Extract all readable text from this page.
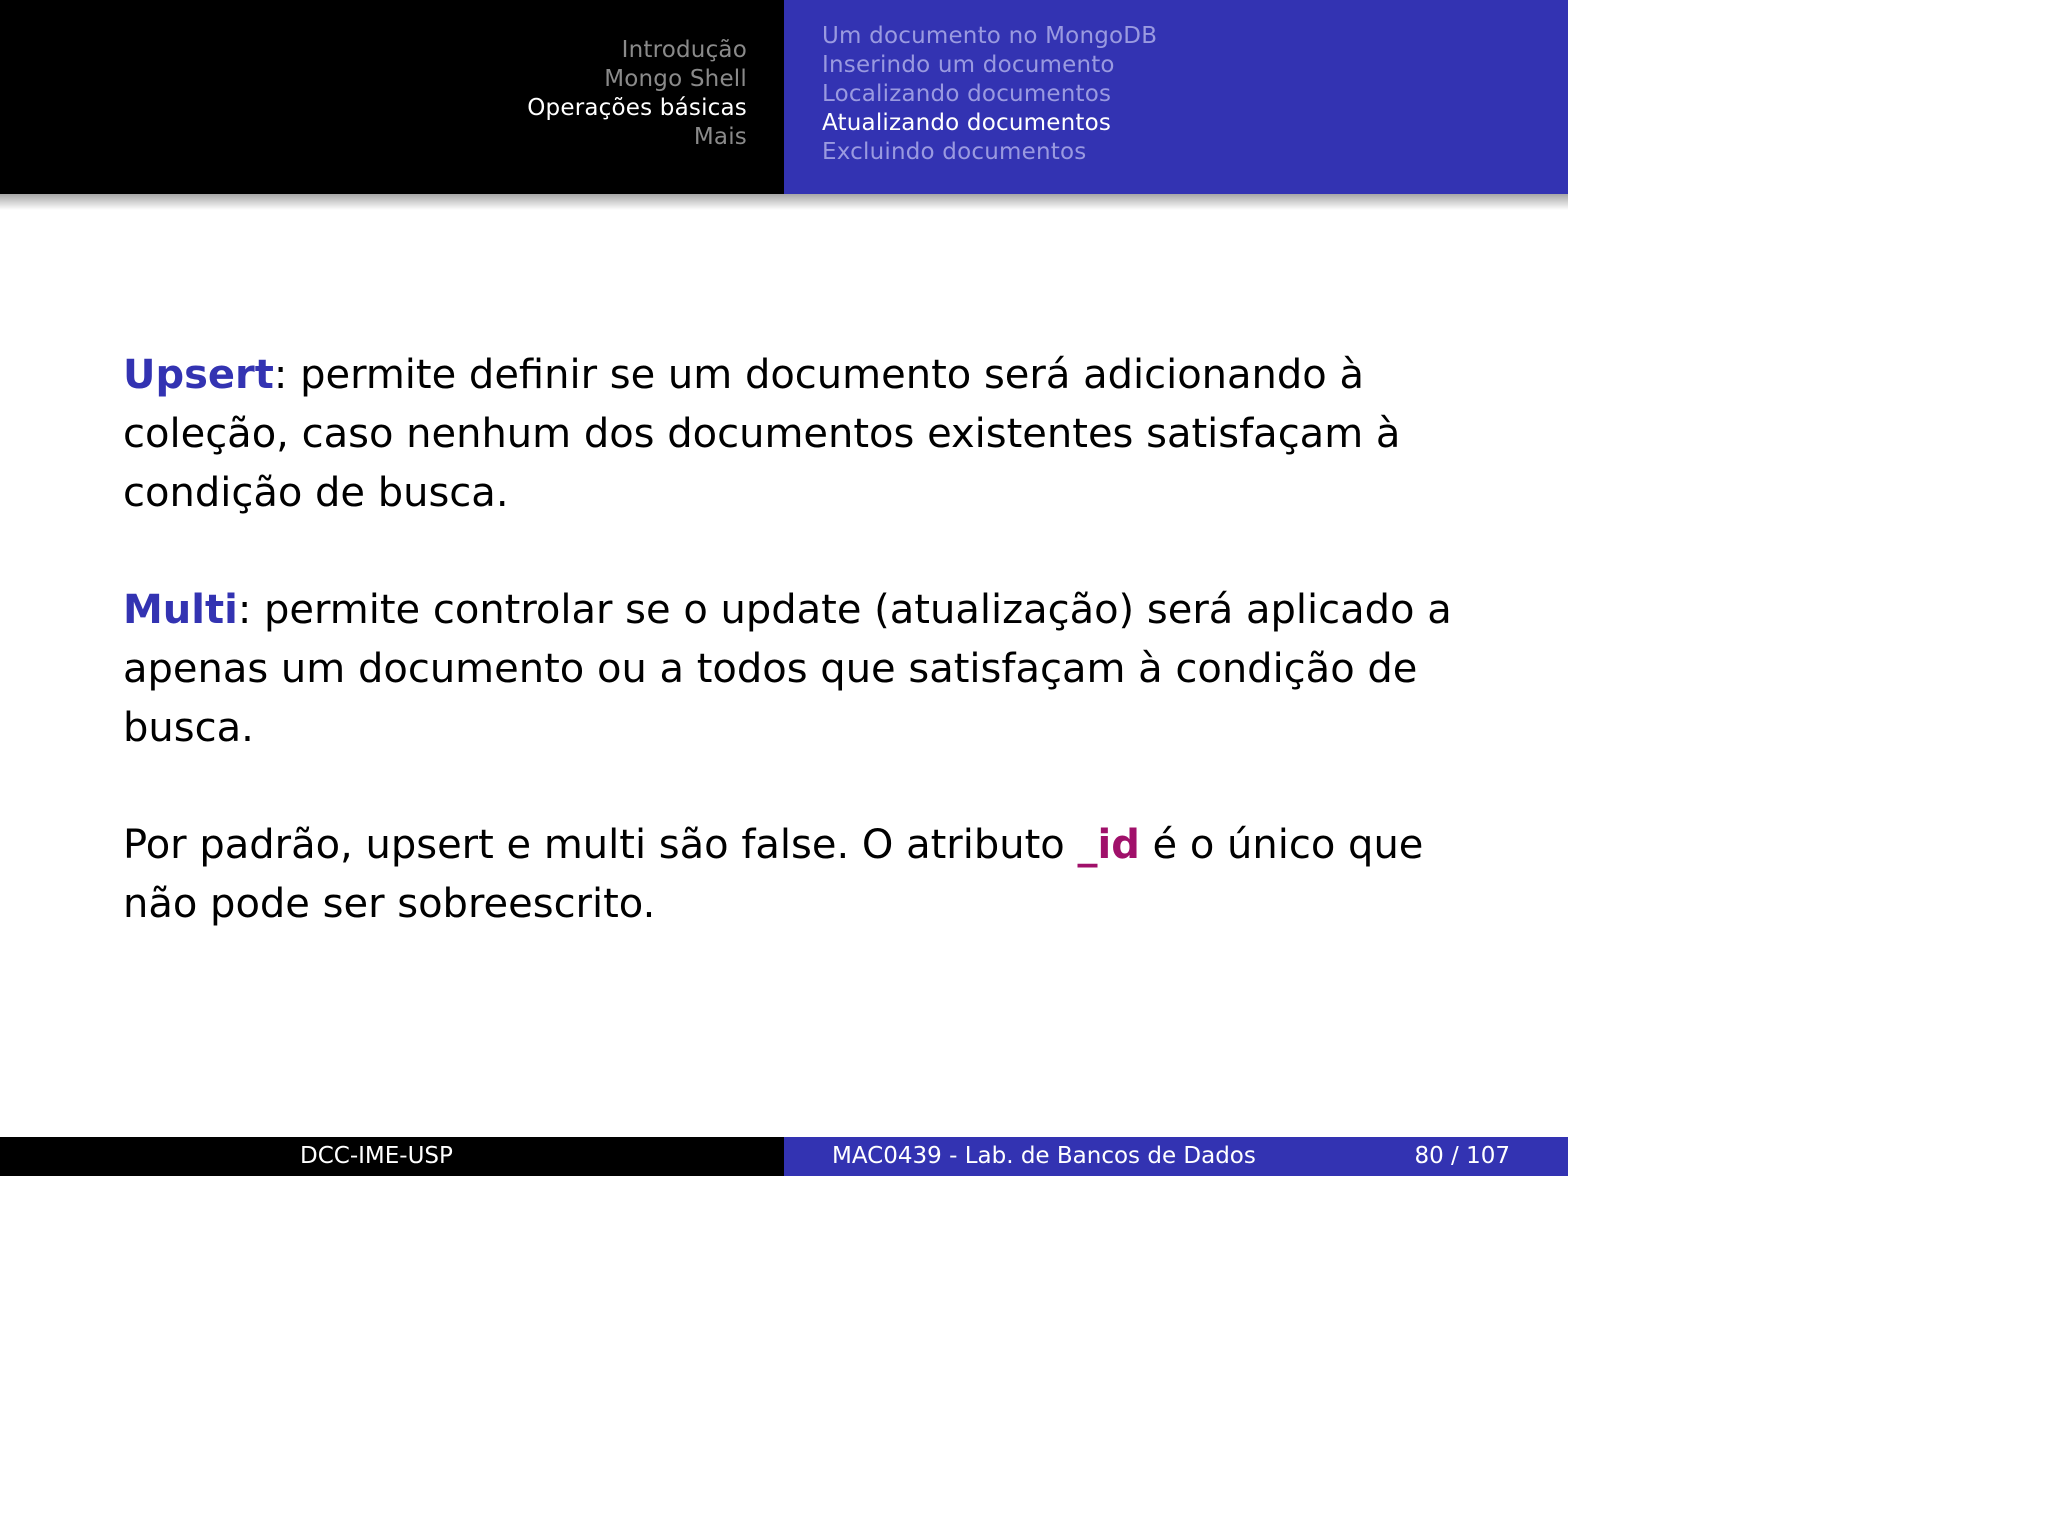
Introdução
Mongo Shell
Operações básicas
Mais
Um documento no MongoDB
Inserindo um documento
Localizando documentos
Atualizando documentos
Excluindo documentos

Upsert: permite definir se um documento será adicionando à coleção, caso nenhum dos documentos existentes satisfaçam à condição de busca.

Multi: permite controlar se o update (atualização) será aplicado a apenas um documento ou a todos que satisfaçam à condição de busca.

Por padrão, upsert e multi são false. O atributo _id é o único que não pode ser sobreescrito.

DCC-IME-USP	MAC0439 - Lab. de Bancos de Dados	80 / 107
